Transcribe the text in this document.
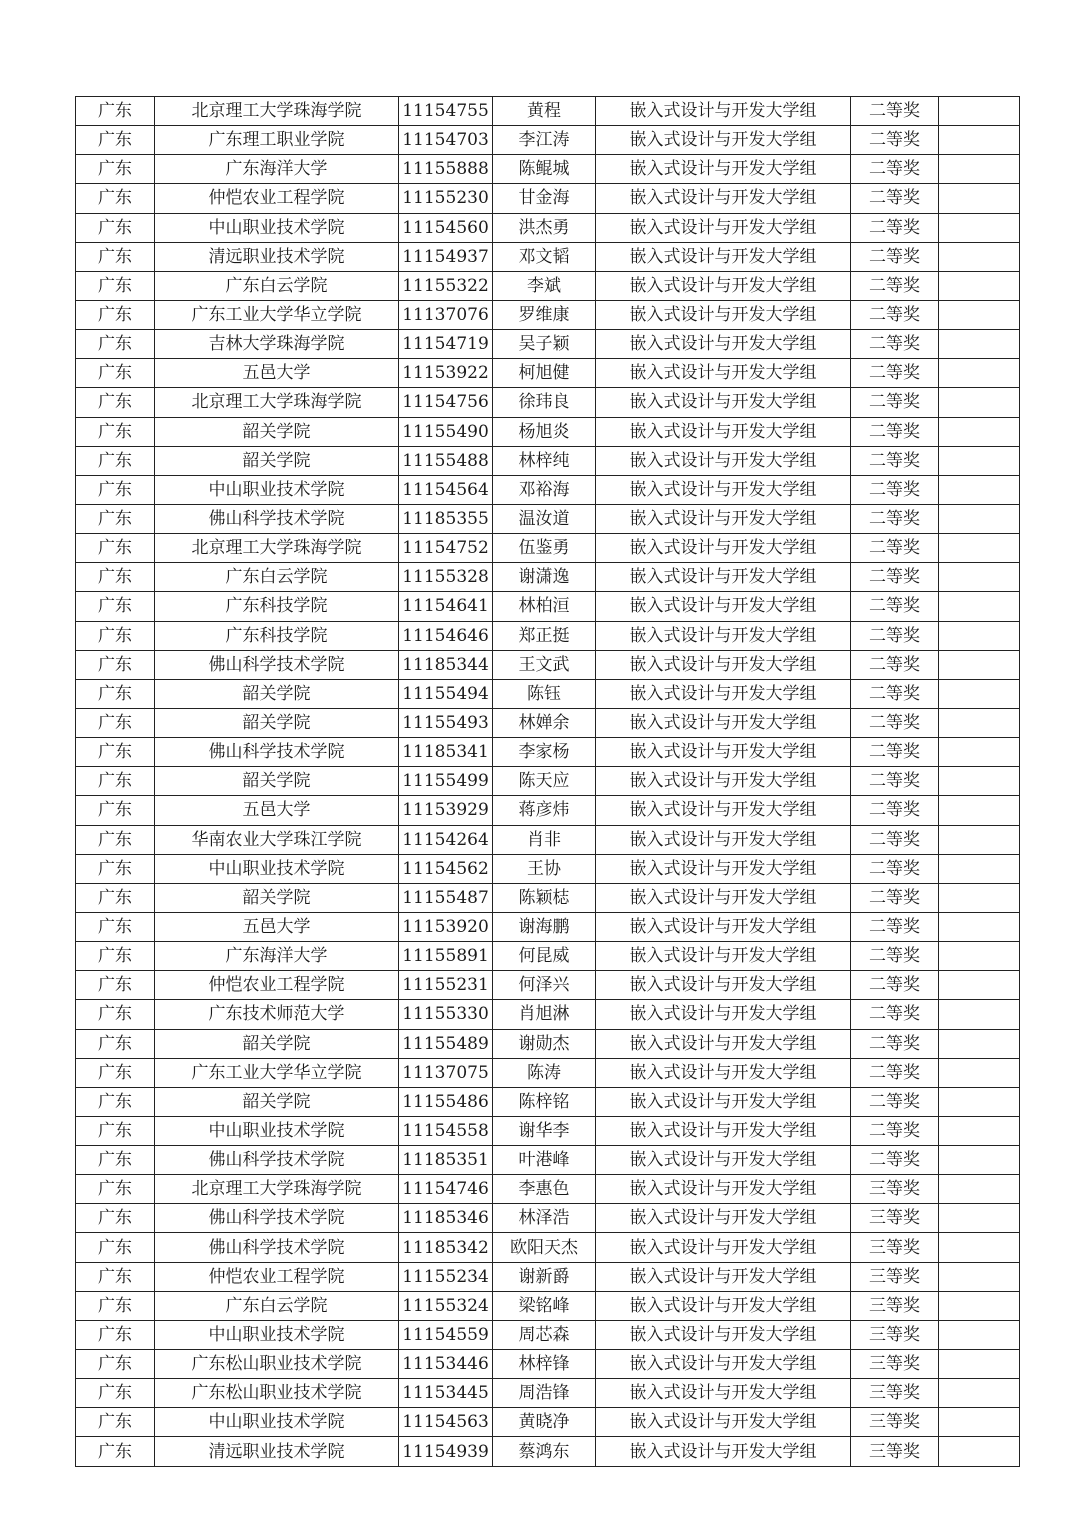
广东	北京理工大学珠海学院	11154755	黄程	嵌入式设计与开发大学组	二等奖	
广东	广东理工职业学院	11154703	李江涛	嵌入式设计与开发大学组	二等奖	
广东	广东海洋大学	11155888	陈鲲城	嵌入式设计与开发大学组	二等奖	
广东	仲恺农业工程学院	11155230	甘金海	嵌入式设计与开发大学组	二等奖	
广东	中山职业技术学院	11154560	洪杰勇	嵌入式设计与开发大学组	二等奖	
广东	清远职业技术学院	11154937	邓文韬	嵌入式设计与开发大学组	二等奖	
广东	广东白云学院	11155322	李斌	嵌入式设计与开发大学组	二等奖	
广东	广东工业大学华立学院	11137076	罗维康	嵌入式设计与开发大学组	二等奖	
广东	吉林大学珠海学院	11154719	吴子颖	嵌入式设计与开发大学组	二等奖	
广东	五邑大学	11153922	柯旭健	嵌入式设计与开发大学组	二等奖	
广东	北京理工大学珠海学院	11154756	徐玮良	嵌入式设计与开发大学组	二等奖	
广东	韶关学院	11155490	杨旭炎	嵌入式设计与开发大学组	二等奖	
广东	韶关学院	11155488	林梓纯	嵌入式设计与开发大学组	二等奖	
广东	中山职业技术学院	11154564	邓裕海	嵌入式设计与开发大学组	二等奖	
广东	佛山科学技术学院	11185355	温汝道	嵌入式设计与开发大学组	二等奖	
广东	北京理工大学珠海学院	11154752	伍鉴勇	嵌入式设计与开发大学组	二等奖	
广东	广东白云学院	11155328	谢潇逸	嵌入式设计与开发大学组	二等奖	
广东	广东科技学院	11154641	林柏洹	嵌入式设计与开发大学组	二等奖	
广东	广东科技学院	11154646	郑正挺	嵌入式设计与开发大学组	二等奖	
广东	佛山科学技术学院	11185344	王文武	嵌入式设计与开发大学组	二等奖	
广东	韶关学院	11155494	陈钰	嵌入式设计与开发大学组	二等奖	
广东	韶关学院	11155493	林婵余	嵌入式设计与开发大学组	二等奖	
广东	佛山科学技术学院	11185341	李家杨	嵌入式设计与开发大学组	二等奖	
广东	韶关学院	11155499	陈天应	嵌入式设计与开发大学组	二等奖	
广东	五邑大学	11153929	蒋彦炜	嵌入式设计与开发大学组	二等奖	
广东	华南农业大学珠江学院	11154264	肖非	嵌入式设计与开发大学组	二等奖	
广东	中山职业技术学院	11154562	王协	嵌入式设计与开发大学组	二等奖	
广东	韶关学院	11155487	陈颖梽	嵌入式设计与开发大学组	二等奖	
广东	五邑大学	11153920	谢海鹏	嵌入式设计与开发大学组	二等奖	
广东	广东海洋大学	11155891	何昆威	嵌入式设计与开发大学组	二等奖	
广东	仲恺农业工程学院	11155231	何泽兴	嵌入式设计与开发大学组	二等奖	
广东	广东技术师范大学	11155330	肖旭淋	嵌入式设计与开发大学组	二等奖	
广东	韶关学院	11155489	谢勋杰	嵌入式设计与开发大学组	二等奖	
广东	广东工业大学华立学院	11137075	陈涛	嵌入式设计与开发大学组	二等奖	
广东	韶关学院	11155486	陈梓铭	嵌入式设计与开发大学组	二等奖	
广东	中山职业技术学院	11154558	谢华李	嵌入式设计与开发大学组	二等奖	
广东	佛山科学技术学院	11185351	叶港峰	嵌入式设计与开发大学组	二等奖	
广东	北京理工大学珠海学院	11154746	李惠色	嵌入式设计与开发大学组	三等奖	
广东	佛山科学技术学院	11185346	林泽浩	嵌入式设计与开发大学组	三等奖	
广东	佛山科学技术学院	11185342	欧阳天杰	嵌入式设计与开发大学组	三等奖	
广东	仲恺农业工程学院	11155234	谢新爵	嵌入式设计与开发大学组	三等奖	
广东	广东白云学院	11155324	梁铭峰	嵌入式设计与开发大学组	三等奖	
广东	中山职业技术学院	11154559	周芯森	嵌入式设计与开发大学组	三等奖	
广东	广东松山职业技术学院	11153446	林梓锋	嵌入式设计与开发大学组	三等奖	
广东	广东松山职业技术学院	11153445	周浩锋	嵌入式设计与开发大学组	三等奖	
广东	中山职业技术学院	11154563	黄晓净	嵌入式设计与开发大学组	三等奖	
广东	清远职业技术学院	11154939	蔡鸿东	嵌入式设计与开发大学组	三等奖	
